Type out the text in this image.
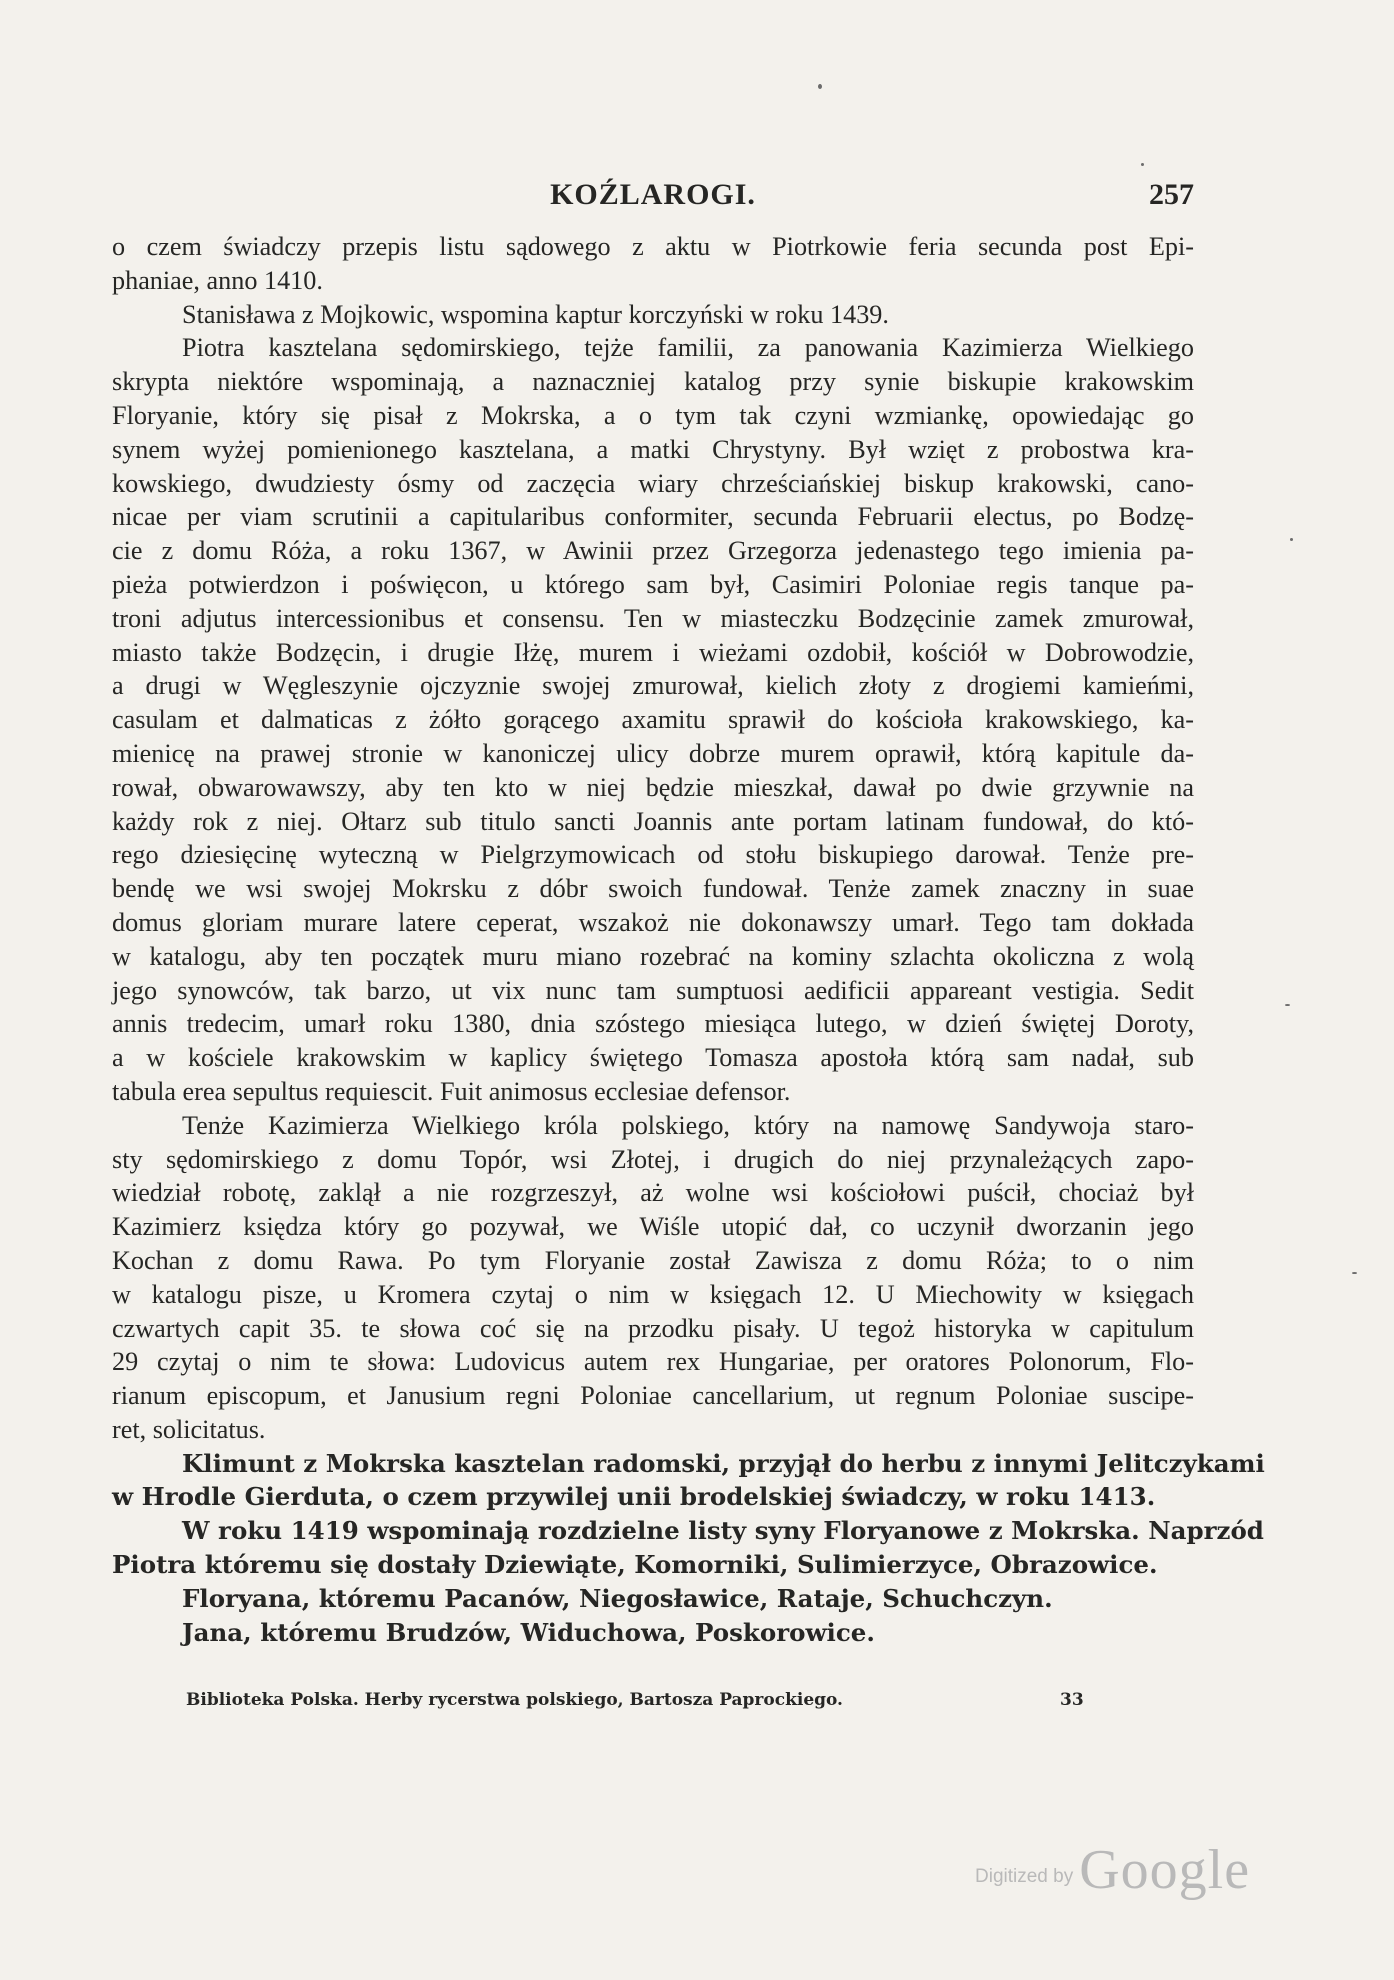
KOŹLAROGI.	257
o czem świadczy przepis listu sądowego z aktu w Piotrkowie feria secunda post Epi-
phaniae, anno 1410.
Stanisława z Mojkowic, wspomina kaptur korczyński w roku 1439.
Piotra kasztelana sędomirskiego, tejże familii, za panowania Kazimierza Wielkiego
skrypta niektóre wspominają, a naznaczniej katalog przy synie biskupie krakowskim
Floryanie, który się pisał z Mokrska, a o tym tak czyni wzmiankę, opowiedając go
synem wyżej pomienionego kasztelana, a matki Chrystyny. Był wzięt z probostwa kra-
kowskiego, dwudziesty ósmy od zaczęcia wiary chrześciańskiej biskup krakowski, cano-
nicae per viam scrutinii a capitularibus conformiter, secunda Februarii electus, po Bodzę-
cie z domu Róża, a roku 1367, w Awinii przez Grzegorza jedenastego tego imienia pa-
pieża potwierdzon i poświęcon, u którego sam był, Casimiri Poloniae regis tanque pa-
troni adjutus intercessionibus et consensu. Ten w miasteczku Bodzęcinie zamek zmurował,
miasto także Bodzęcin, i drugie Iłżę, murem i wieżami ozdobił, kościół w Dobrowodzie,
a drugi w Węgleszynie ojczyznie swojej zmurował, kielich złoty z drogiemi kamieńmi,
casulam et dalmaticas z żółto gorącego axamitu sprawił do kościoła krakowskiego, ka-
mienicę na prawej stronie w kanoniczej ulicy dobrze murem oprawił, którą kapitule da-
rował, obwarowawszy, aby ten kto w niej będzie mieszkał, dawał po dwie grzywnie na
każdy rok z niej. Ołtarz sub titulo sancti Joannis ante portam latinam fundował, do któ-
rego dziesięcinę wyteczną w Pielgrzymowicach od stołu biskupiego darował. Tenże pre-
bendę we wsi swojej Mokrsku z dóbr swoich fundował. Tenże zamek znaczny in suae
domus gloriam murare latere ceperat, wszakoż nie dokonawszy umarł. Tego tam dokłada
w katalogu, aby ten początek muru miano rozebrać na kominy szlachta okoliczna z wolą
jego synowców, tak barzo, ut vix nunc tam sumptuosi aedificii appareant vestigia. Sedit
annis tredecim, umarł roku 1380, dnia szóstego miesiąca lutego, w dzień świętej Doroty,
a w kościele krakowskim w kaplicy świętego Tomasza apostoła którą sam nadał, sub
tabula erea sepultus requiescit. Fuit animosus ecclesiae defensor.
Tenże Kazimierza Wielkiego króla polskiego, który na namowę Sandywoja staro-
sty sędomirskiego z domu Topór, wsi Złotej, i drugich do niej przynależących zapo-
wiedział robotę, zaklął a nie rozgrzeszył, aż wolne wsi kościołowi puścił, chociaż był
Kazimierz księdza który go pozywał, we Wiśle utopić dał, co uczynił dworzanin jego
Kochan z domu Rawa. Po tym Floryanie został Zawisza z domu Róża; to o nim
w katalogu pisze, u Kromera czytaj o nim w księgach 12. U Miechowity w księgach
czwartych capit 35. te słowa coć się na przodku pisały. U tegoż historyka w capitulum
29 czytaj o nim te słowa: Ludovicus autem rex Hungariae, per oratores Polonorum, Flo-
rianum episcopum, et Janusium regni Poloniae cancellarium, ut regnum Poloniae suscipe-
ret, solicitatus.
Klimunt z Mokrska kasztelan radomski, przyjął do herbu z innymi Jelitczykami
w Hrodle Gierduta, o czem przywilej unii brodelskiej świadczy, w roku 1413.
W roku 1419 wspominają rozdzielne listy syny Floryanowe z Mokrska. Naprzód
Piotra któremu się dostały Dziewiąte, Komorniki, Sulimierzyce, Obrazowice.
Floryana, któremu Pacanów, Niegosławice, Rataje, Schuchczyn.
Jana, któremu Brudzów, Widuchowa, Poskorowice.
Biblioteka Polska. Herby rycerstwa polskiego, Bartosza Paprockiego.	33
Digitized by Google
